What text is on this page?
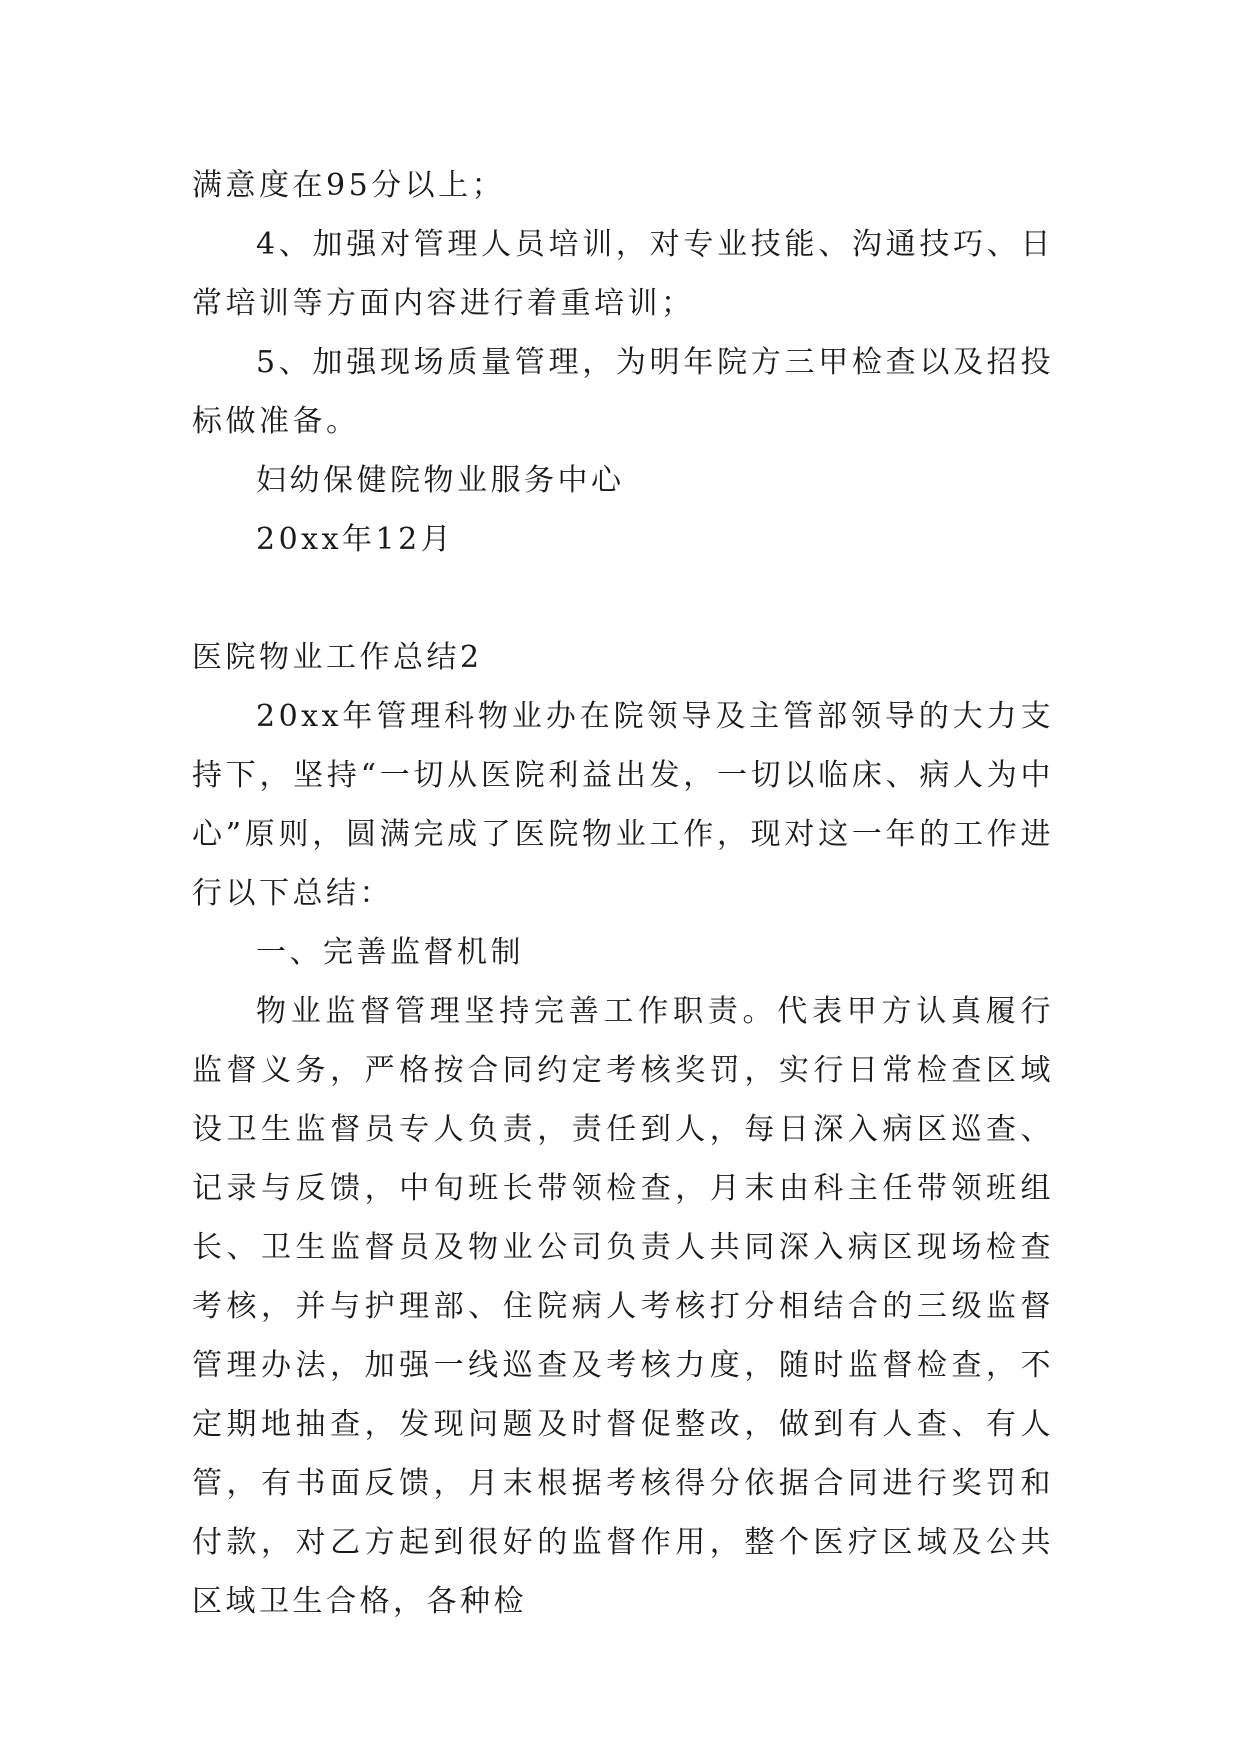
满意度在95分以上；

4、加强对管理人员培训，对专业技能、沟通技巧、日常培训等方面内容进行着重培训；

5、加强现场质量管理，为明年院方三甲检查以及招投标做准备。

妇幼保健院物业服务中心

20xx年12月

医院物业工作总结2

20xx年管理科物业办在院领导及主管部领导的大力支持下，坚持“一切从医院利益出发，一切以临床、病人为中心”原则，圆满完成了医院物业工作，现对这一年的工作进行以下总结：

一、完善监督机制

物业监督管理坚持完善工作职责。代表甲方认真履行监督义务，严格按合同约定考核奖罚，实行日常检查区域设卫生监督员专人负责，责任到人，每日深入病区巡查、记录与反馈，中旬班长带领检查，月末由科主任带领班组长、卫生监督员及物业公司负责人共同深入病区现场检查考核，并与护理部、住院病人考核打分相结合的三级监督管理办法，加强一线巡查及考核力度，随时监督检查，不定期地抽查，发现问题及时督促整改，做到有人查、有人管，有书面反馈，月末根据考核得分依据合同进行奖罚和付款，对乙方起到很好的监督作用，整个医疗区域及公共区域卫生合格，各种检
